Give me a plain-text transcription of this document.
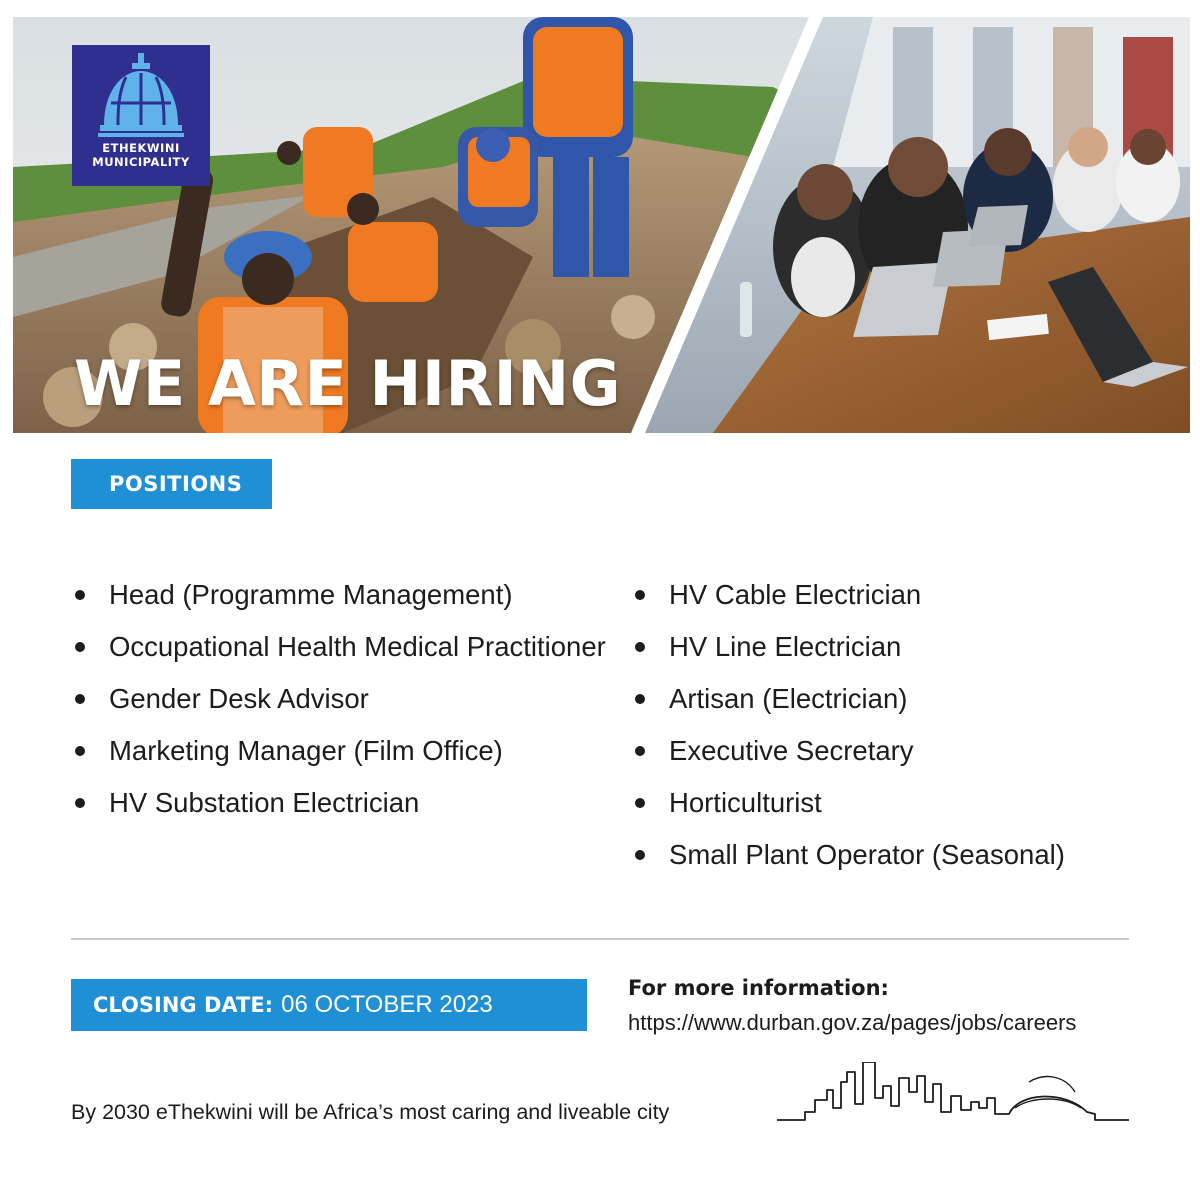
ETHEKWINI
MUNICIPALITY
WE ARE HIRING
POSITIONS
Head (Programme Management)
Occupational Health Medical Practitioner
Gender Desk Advisor
Marketing Manager (Film Office)
HV Substation Electrician
HV Cable Electrician
HV Line Electrician
Artisan (Electrician)
Executive Secretary
Horticulturist
Small Plant Operator (Seasonal)
CLOSING DATE: 06 OCTOBER 2023
For more information:
https://www.durban.gov.za/pages/jobs/careers
By 2030 eThekwini will be Africa’s most caring and liveable city
